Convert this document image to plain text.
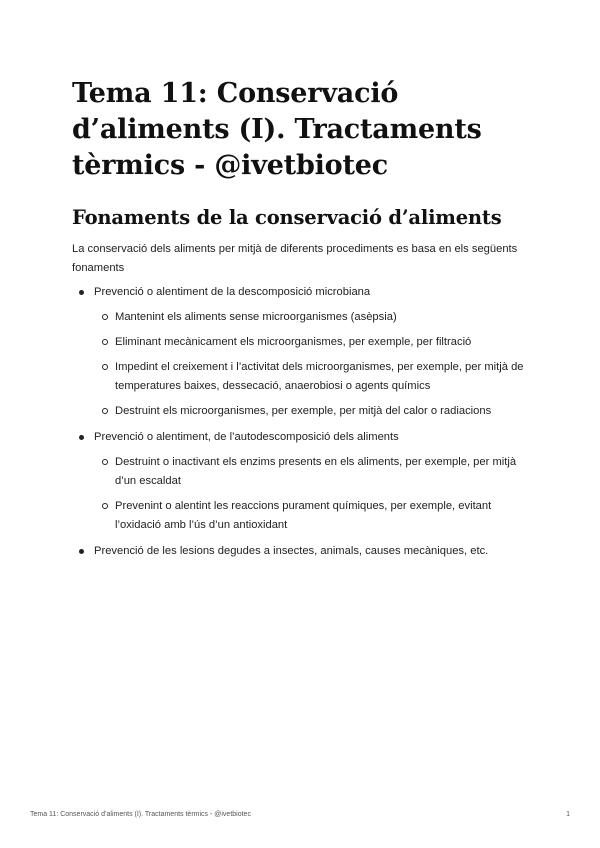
Tema 11: Conservació d’aliments (I). Tractaments tèrmics - @ivetbiotec
Fonaments de la conservació d’aliments

La conservació dels aliments per mitjà de diferents procediments es basa en els següents fonaments

Prevenció o alentiment de la descomposició microbiana
Mantenint els aliments sense microorganismes (asèpsia)
Eliminant mecànicament els microorganismes, per exemple, per filtració
Impedint el creixement i l’activitat dels microorganismes, per exemple, per mitjà de temperatures baixes, dessecació, anaerobiosi o agents químics
Destruint els microorganismes, per exemple, per mitjà del calor o radiacions
Prevenció o alentiment, de l’autodescomposició dels aliments
Destruint o inactivant els enzims presents en els aliments, per exemple, per mitjà d’un escaldat
Prevenint o alentint les reaccions purament químiques, per exemple, evitant l’oxidació amb l’ús d’un antioxidant
Prevenció de les lesions degudes a insectes, animals, causes mecàniques, etc.
Tema 11: Conservació d’aliments (I). Tractaments tèrmics - @ivetbiotec	1
